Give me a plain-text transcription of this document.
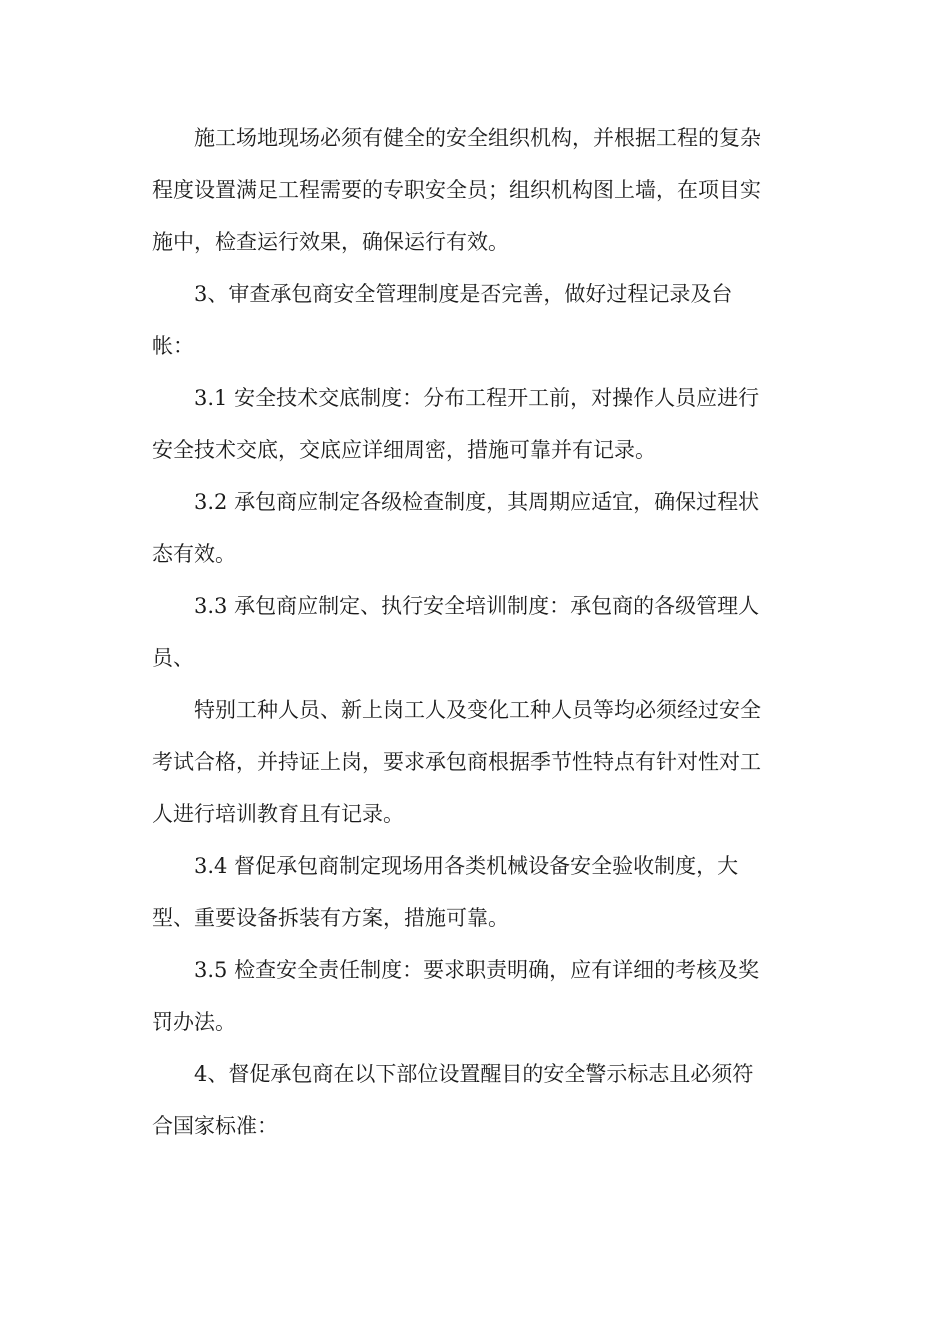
施工场地现场必须有健全的安全组织机构，并根据工程的复杂
程度设置满足工程需要的专职安全员；组织机构图上墙，在项目实
施中，检查运行效果，确保运行有效。

3、审查承包商安全管理制度是否完善，做好过程记录及台
帐：

3.1 安全技术交底制度：分布工程开工前，对操作人员应进行
安全技术交底，交底应详细周密，措施可靠并有记录。

3.2 承包商应制定各级检查制度，其周期应适宜，确保过程状
态有效。

3.3 承包商应制定、执行安全培训制度：承包商的各级管理人
员、

特别工种人员、新上岗工人及变化工种人员等均必须经过安全
考试合格，并持证上岗，要求承包商根据季节性特点有针对性对工
人进行培训教育且有记录。

3.4 督促承包商制定现场用各类机械设备安全验收制度，大
型、重要设备拆装有方案，措施可靠。

3.5 检查安全责任制度：要求职责明确，应有详细的考核及奖
罚办法。

4、督促承包商在以下部位设置醒目的安全警示标志且必须符
合国家标准：
